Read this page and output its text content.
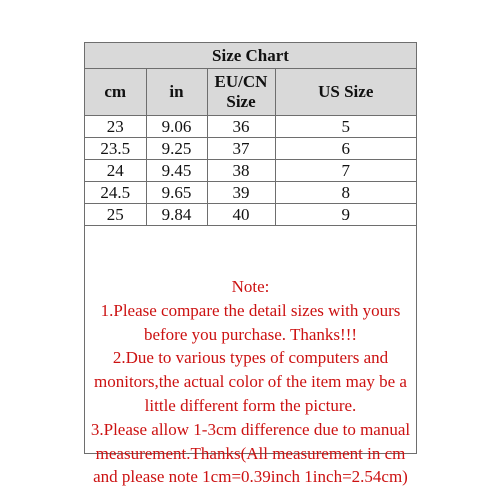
Size Chart
cm	in	EU/CN Size	US Size
23	9.06	36	5
23.5	9.25	37	6
24	9.45	38	7
24.5	9.65	39	8
25	9.84	40	9

Note:

1.Please compare the detail sizes with yours before you purchase. Thanks!!!

2.Due to various types of computers and monitors,the actual color of the item may be a little different form the picture.

3.Please allow 1-3cm difference due to manual measurement.Thanks(All measurement in cm and please note 1cm=0.39inch 1inch=2.54cm)
